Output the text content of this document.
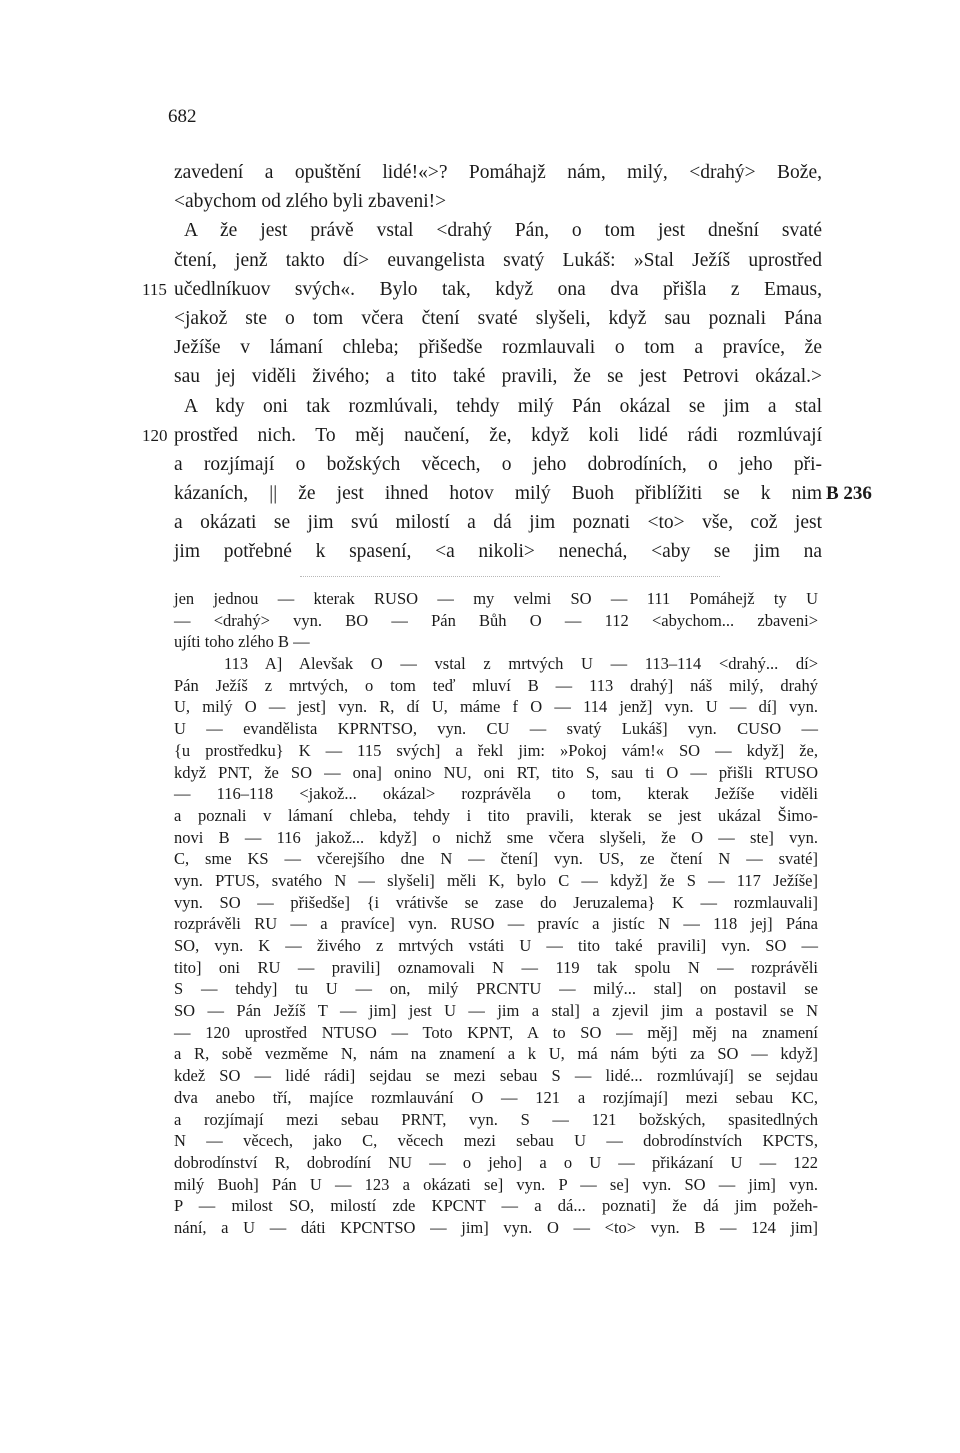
682
zavedení a opuštění lidé!«>? Pomáhajž nám, milý, <drahý> Bože,
<abychom od zlého byli zbaveni!>
A že jest právě vstal <drahý Pán, o tom jest dnešní svaté
čtení, jenž takto dí> euvangelista svatý Lukáš: »Stal Ježíš uprostřed
učedlníkuov svých«. Bylo tak, když ona dva přišla z Emaus,
115
<jakož ste o tom včera čtení svaté slyšeli, když sau poznali Pána
Ježíše v lámaní chleba; přišedše rozmlauvali o tom a pravíce, že
sau jej viděli živého; a tito také pravili, že se jest Petrovi okázal.>
A kdy oni tak rozmlúvali, tehdy milý Pán okázal se jim a stal
prostřed nich. To měj naučení, že, když koli lidé rádi rozmlúvají
120
a rozjímají o božských věcech, o jeho dobrodíních, o jeho při-
kázaních, || že jest ihned hotov milý Buoh přiblížiti se k nim B 236
a okázati se jim svú milostí a dá jim poznati <to> vše, což jest
jim potřebné k spasení, <a nikoli> nenechá, <aby se jim na
jen jednou — kterak RUSO — my velmi SO — 111 Pomáhejž ty U
— <drahý> vyn. BO — Pán Bůh O — 112 <abychom... zbaveni>
ujíti toho zlého B —
113 A] Alevšak O — vstal z mrtvých U — 113–114 <drahý... dí>
Pán Ježíš z mrtvých, o tom teď mluví B — 113 drahý] náš milý, drahý
U, milý O — jest] vyn. R, dí U, máme f O — 114 jenž] vyn. U — dí] vyn.
U — evandělista KPRNTSO, vyn. CU — svatý Lukáš] vyn. CUSO —
{u prostředku} K — 115 svých] a řekl jim: »Pokoj vám!« SO — když] že,
když PNT, že SO — ona] onino NU, oni RT, tito S, sau ti O — přišli RTUSO
— 116–118 <jakož... okázal> rozprávěla o tom, kterak Ježíše viděli
a poznali v lámaní chleba, tehdy i tito pravili, kterak se jest ukázal Šimo-
novi B — 116 jakož... když] o nichž sme včera slyšeli, že O — ste] vyn.
C, sme KS — včerejšího dne N — čtení] vyn. US, ze čtení N — svaté]
vyn. PTUS, svatého N — slyšeli] měli K, bylo C — když] že S — 117 Ježíše]
vyn. SO — přišedše] {i vrátivše se zase do Jeruzalema} K — rozmlauvali]
rozprávěli RU — a pravíce] vyn. RUSO — pravíc a jistíc N — 118 jej] Pána
SO, vyn. K — živého z mrtvých vstáti U — tito také pravili] vyn. SO —
tito] oni RU — pravili] oznamovali N — 119 tak spolu N — rozprávěli
S — tehdy] tu U — on, milý PRCNTU — milý... stal] on postavil se
SO — Pán Ježíš T — jim] jest U — jim a stal] a zjevil jim a postavil se N
— 120 uprostřed NTUSO — Toto KPNT, A to SO — měj] měj na znamení
a R, sobě vezměme N, nám na znamení a k U, má nám býti za SO — když]
kdež SO — lidé rádi] sejdau se mezi sebau S — lidé... rozmlúvají] se sejdau
dva anebo tří, majíce rozmlauvání O — 121 a rozjímají] mezi sebau KC,
a rozjímají mezi sebau PRNT, vyn. S — 121 božských, spasitedlných
N — věcech, jako C, věcech mezi sebau U — dobrodínstvích KPCTS,
dobrodínství R, dobrodíní NU — o jeho] a o U — přikázaní U — 122
milý Buoh] Pán U — 123 a okázati se] vyn. P — se] vyn. SO — jim] vyn.
P — milost SO, milostí zde KPCNT — a dá... poznati] že dá jim požeh-
nání, a U — dáti KPCNTSO — jim] vyn. O — <to> vyn. B — 124 jim]
